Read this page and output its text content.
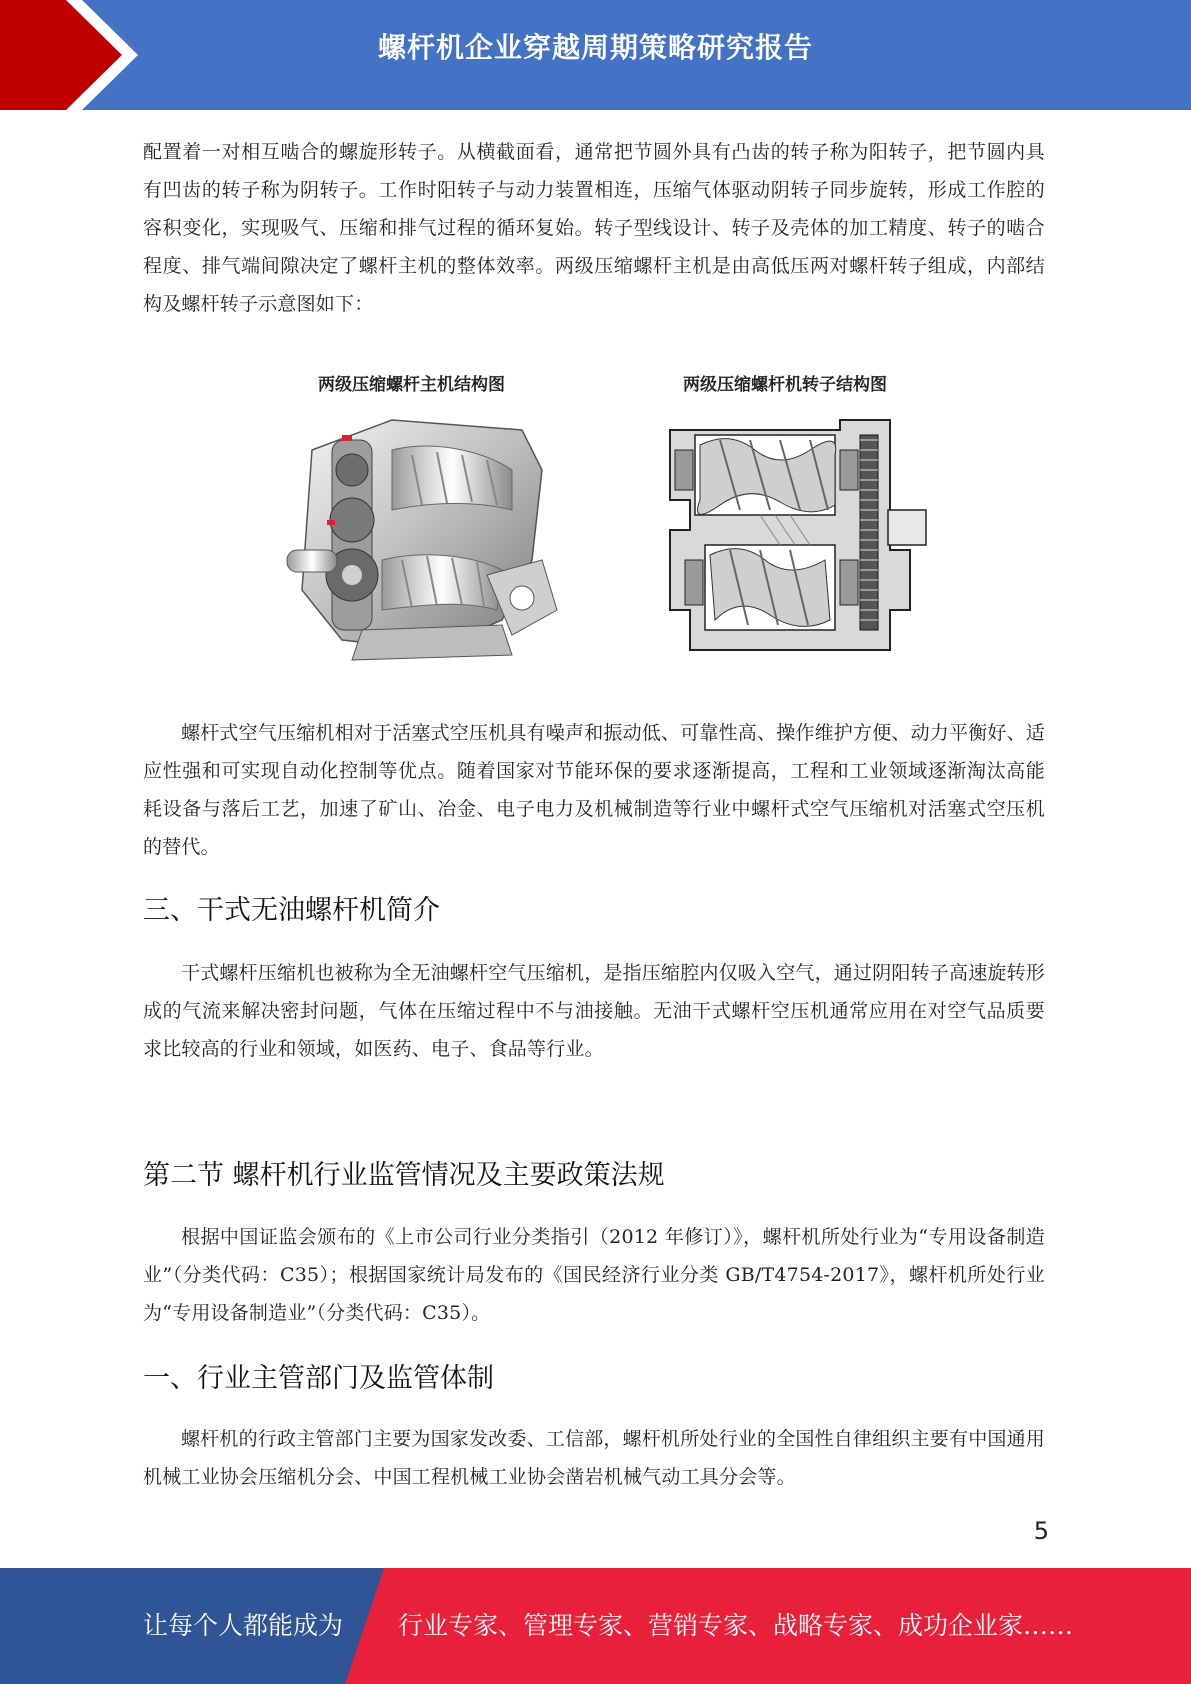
螺杆机企业穿越周期策略研究报告

配置着一对相互啮合的螺旋形转子。从横截面看，通常把节圆外具有凸齿的转子称为阳转子，把节圆内具有凹齿的转子称为阴转子。工作时阳转子与动力装置相连，压缩气体驱动阴转子同步旋转，形成工作腔的容积变化，实现吸气、压缩和排气过程的循环复始。转子型线设计、转子及壳体的加工精度、转子的啮合程度、排气端间隙决定了螺杆主机的整体效率。两级压缩螺杆主机是由高低压两对螺杆转子组成，内部结构及螺杆转子示意图如下：

两级压缩螺杆主机结构图	两级压缩螺杆机转子结构图

螺杆式空气压缩机相对于活塞式空压机具有噪声和振动低、可靠性高、操作维护方便、动力平衡好、适应性强和可实现自动化控制等优点。随着国家对节能环保的要求逐渐提高，工程和工业领域逐渐淘汰高能耗设备与落后工艺，加速了矿山、冶金、电子电力及机械制造等行业中螺杆式空气压缩机对活塞式空压机的替代。

三、干式无油螺杆机简介

干式螺杆压缩机也被称为全无油螺杆空气压缩机，是指压缩腔内仅吸入空气，通过阴阳转子高速旋转形成的气流来解决密封问题，气体在压缩过程中不与油接触。无油干式螺杆空压机通常应用在对空气品质要求比较高的行业和领域，如医药、电子、食品等行业。

第二节 螺杆机行业监管情况及主要政策法规

根据中国证监会颁布的《上市公司行业分类指引（2012 年修订）》，螺杆机所处行业为“专用设备制造业”（分类代码：C35）；根据国家统计局发布的《国民经济行业分类 GB/T4754-2017》，螺杆机所处行业为“专用设备制造业”（分类代码：C35）。

一、行业主管部门及监管体制

螺杆机的行政主管部门主要为国家发改委、工信部，螺杆机所处行业的全国性自律组织主要有中国通用机械工业协会压缩机分会、中国工程机械工业协会凿岩机械气动工具分会等。

5
让每个人都能成为 行业专家、管理专家、营销专家、战略专家、成功企业家……
